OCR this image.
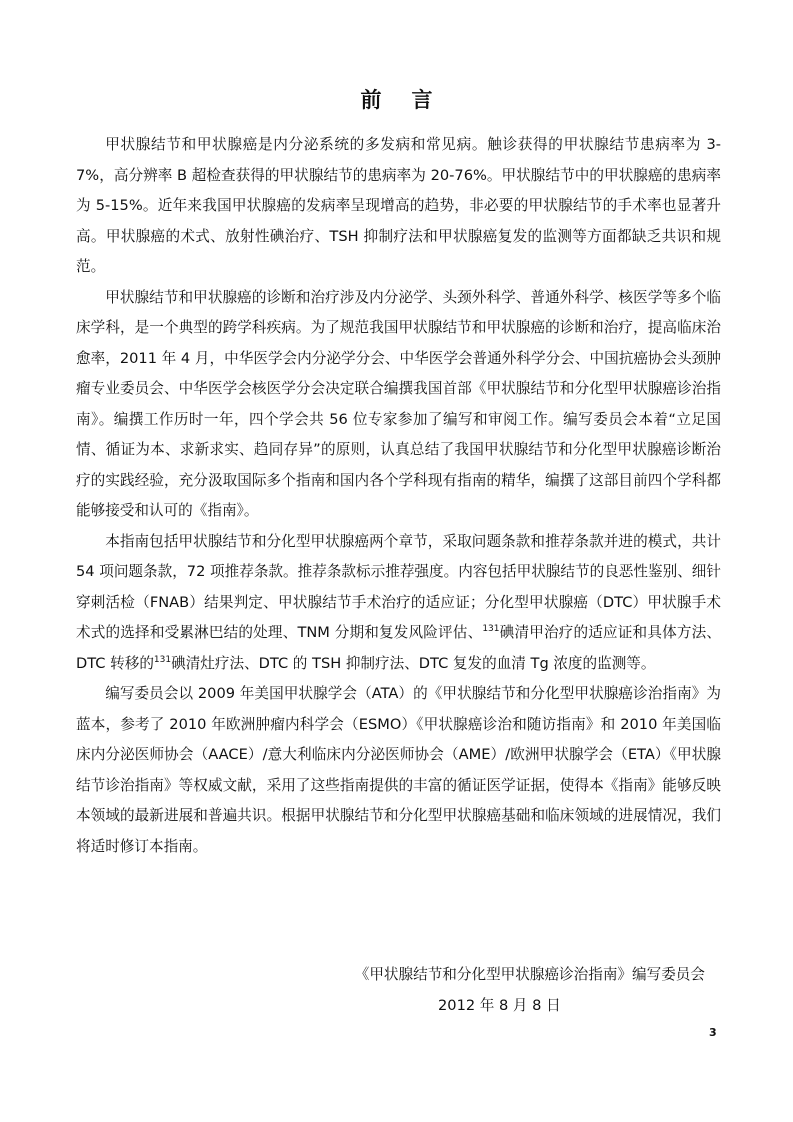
前 言

甲状腺结节和甲状腺癌是内分泌系统的多发病和常见病。触诊获得的甲状腺结节患病率为 3-7%，高分辨率 B 超检查获得的甲状腺结节的患病率为 20-76%。甲状腺结节中的甲状腺癌的患病率为 5-15%。近年来我国甲状腺癌的发病率呈现增高的趋势，非必要的甲状腺结节的手术率也显著升高。甲状腺癌的术式、放射性碘治疗、TSH 抑制疗法和甲状腺癌复发的监测等方面都缺乏共识和规范。

甲状腺结节和甲状腺癌的诊断和治疗涉及内分泌学、头颈外科学、普通外科学、核医学等多个临床学科，是一个典型的跨学科疾病。为了规范我国甲状腺结节和甲状腺癌的诊断和治疗，提高临床治愈率，2011 年 4 月，中华医学会内分泌学分会、中华医学会普通外科学分会、中国抗癌协会头颈肿瘤专业委员会、中华医学会核医学分会决定联合编撰我国首部《甲状腺结节和分化型甲状腺癌诊治指南》。编撰工作历时一年，四个学会共 56 位专家参加了编写和审阅工作。编写委员会本着“立足国情、循证为本、求新求实、趋同存异”的原则，认真总结了我国甲状腺结节和分化型甲状腺癌诊断治疗的实践经验，充分汲取国际多个指南和国内各个学科现有指南的精华，编撰了这部目前四个学科都能够接受和认可的《指南》。

本指南包括甲状腺结节和分化型甲状腺癌两个章节，采取问题条款和推荐条款并进的模式，共计 54 项问题条款，72 项推荐条款。推荐条款标示推荐强度。内容包括甲状腺结节的良恶性鉴别、细针穿刺活检（FNAB）结果判定、甲状腺结节手术治疗的适应证；分化型甲状腺癌（DTC）甲状腺手术术式的选择和受累淋巴结的处理、TNM 分期和复发风险评估、$^{131}$碘清甲治疗的适应证和具体方法、DTC 转移的$^{131}$碘清灶疗法、DTC 的 TSH 抑制疗法、DTC 复发的血清 Tg 浓度的监测等。

编写委员会以 2009 年美国甲状腺学会（ATA）的《甲状腺结节和分化型甲状腺癌诊治指南》为蓝本，参考了 2010 年欧洲肿瘤内科学会（ESMO）《甲状腺癌诊治和随访指南》和 2010 年美国临床内分泌医师协会（AACE）/意大利临床内分泌医师协会（AME）/欧洲甲状腺学会（ETA）《甲状腺结节诊治指南》等权威文献，采用了这些指南提供的丰富的循证医学证据，使得本《指南》能够反映本领域的最新进展和普遍共识。根据甲状腺结节和分化型甲状腺癌基础和临床领域的进展情况，我们将适时修订本指南。

《甲状腺结节和分化型甲状腺癌诊治指南》编写委员会
2012 年 8 月 8 日
3
